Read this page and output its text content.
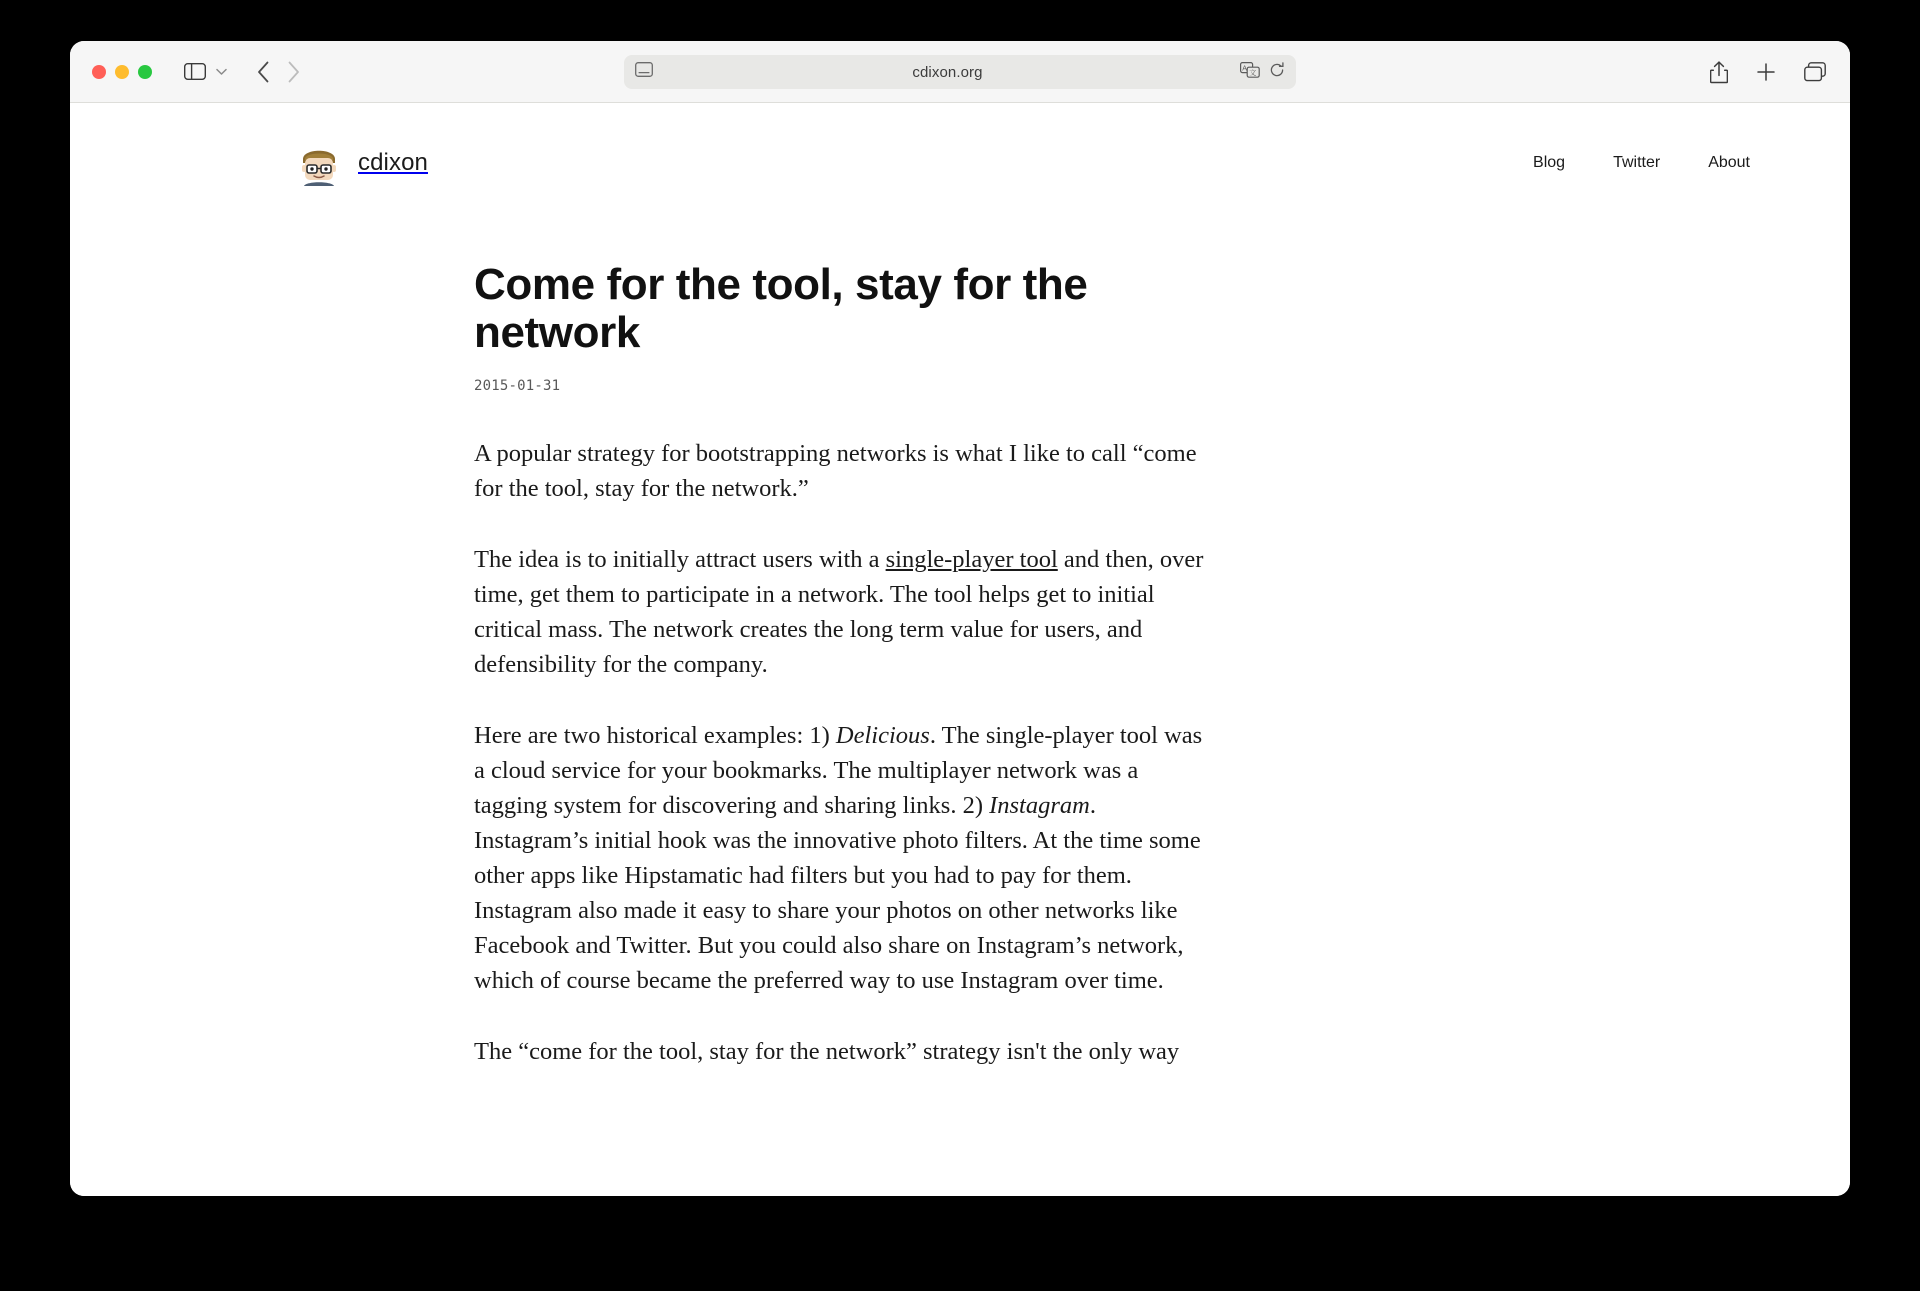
cdixon.org	文
A
cdixon	Blog	Twitter	About
Come for the tool, stay for the network
2015-01-31

A popular strategy for bootstrapping networks is what I like to call “come for the tool, stay for the network.”

The idea is to initially attract users with a single-player tool and then, over time, get them to participate in a network. The tool helps get to initial critical mass. The network creates the long term value for users, and defensibility for the company.

Here are two historical examples: 1) Delicious. The single-player tool was a cloud service for your bookmarks. The multiplayer network was a tagging system for discovering and sharing links. 2) Instagram. Instagram’s initial hook was the innovative photo filters. At the time some other apps like Hipstamatic had filters but you had to pay for them. Instagram also made it easy to share your photos on other networks like Facebook and Twitter. But you could also share on Instagram’s network, which of course became the preferred way to use Instagram over time.

The “come for the tool, stay for the network” strategy isn't the only way
